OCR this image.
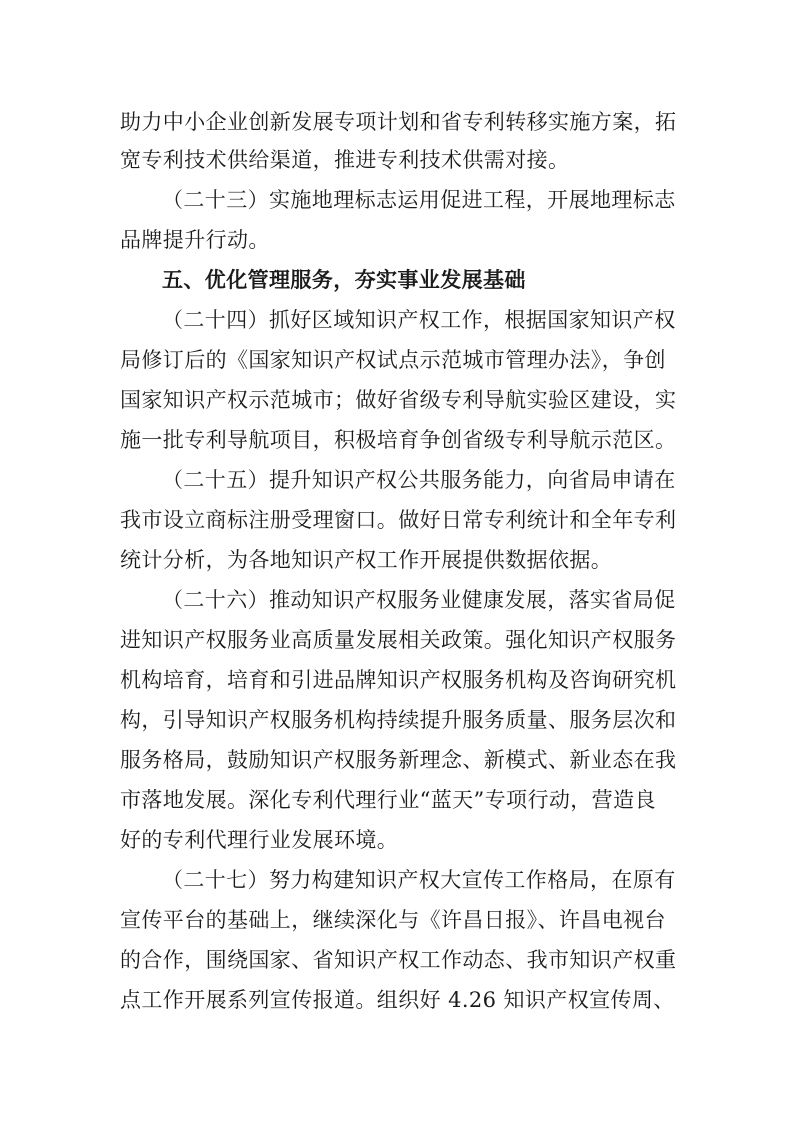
助力中小企业创新发展专项计划和省专利转移实施方案，拓
宽专利技术供给渠道，推进专利技术供需对接。
（二十三）实施地理标志运用促进工程，开展地理标志
品牌提升行动。
五、优化管理服务，夯实事业发展基础
（二十四）抓好区域知识产权工作，根据国家知识产权
局修订后的《国家知识产权试点示范城市管理办法》，争创
国家知识产权示范城市；做好省级专利导航实验区建设，实
施一批专利导航项目，积极培育争创省级专利导航示范区。
（二十五）提升知识产权公共服务能力，向省局申请在
我市设立商标注册受理窗口。做好日常专利统计和全年专利
统计分析，为各地知识产权工作开展提供数据依据。
（二十六）推动知识产权服务业健康发展，落实省局促
进知识产权服务业高质量发展相关政策。强化知识产权服务
机构培育，培育和引进品牌知识产权服务机构及咨询研究机
构，引导知识产权服务机构持续提升服务质量、服务层次和
服务格局，鼓励知识产权服务新理念、新模式、新业态在我
市落地发展。深化专利代理行业“蓝天”专项行动，营造良
好的专利代理行业发展环境。
（二十七）努力构建知识产权大宣传工作格局，在原有
宣传平台的基础上，继续深化与《许昌日报》、许昌电视台
的合作，围绕国家、省知识产权工作动态、我市知识产权重
点工作开展系列宣传报道。组织好 4.26 知识产权宣传周、
